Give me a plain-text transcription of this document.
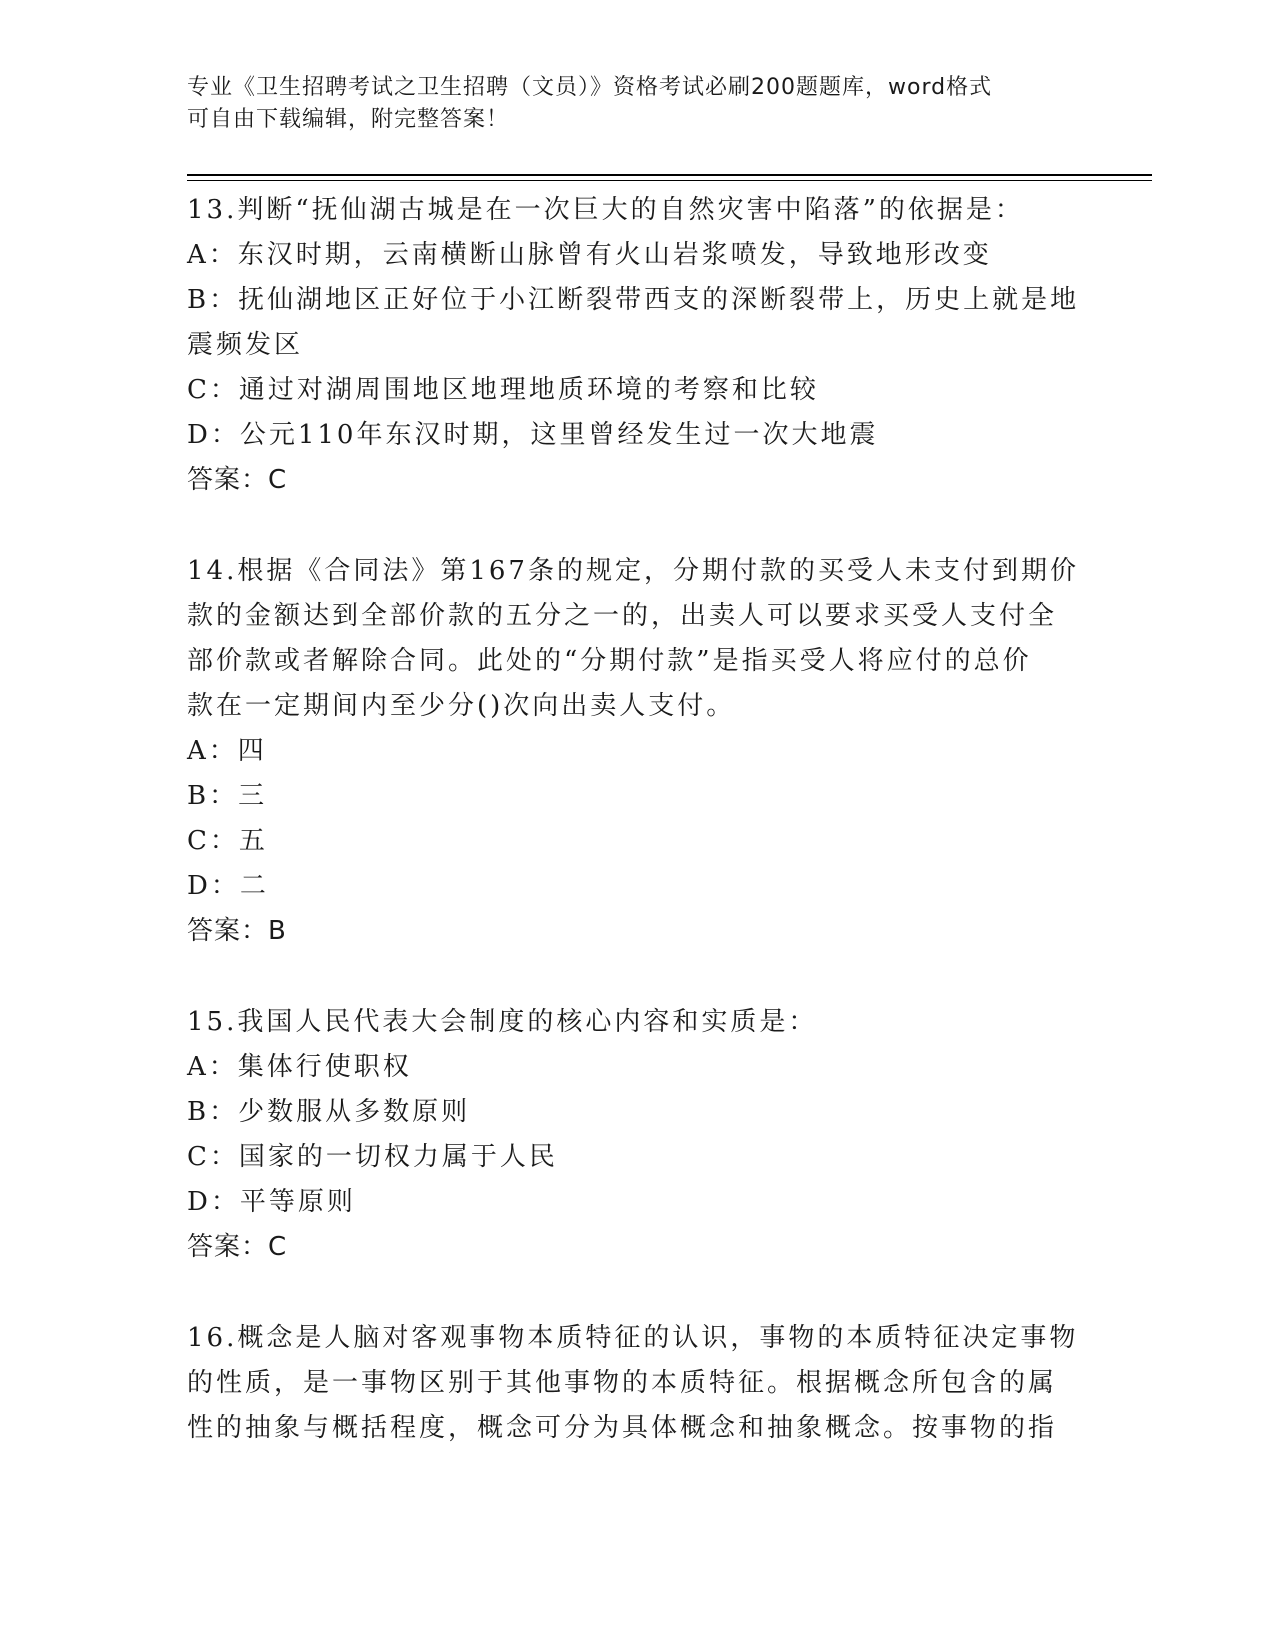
专业《卫生招聘考试之卫生招聘（文员）》资格考试必刷200题题库，word格式
可自由下载编辑，附完整答案！
13.判断“抚仙湖古城是在一次巨大的自然灾害中陷落”的依据是：
A：东汉时期，云南横断山脉曾有火山岩浆喷发，导致地形改变
B：抚仙湖地区正好位于小江断裂带西支的深断裂带上，历史上就是地
震频发区
C：通过对湖周围地区地理地质环境的考察和比较
D：公元110年东汉时期，这里曾经发生过一次大地震
答案：C
14.根据《合同法》第167条的规定，分期付款的买受人未支付到期价
款的金额达到全部价款的五分之一的，出卖人可以要求买受人支付全
部价款或者解除合同。此处的“分期付款”是指买受人将应付的总价
款在一定期间内至少分()次向出卖人支付。
A：四
B：三
C：五
D：二
答案：B
15.我国人民代表大会制度的核心内容和实质是：
A：集体行使职权
B：少数服从多数原则
C：国家的一切权力属于人民
D：平等原则
答案：C
16.概念是人脑对客观事物本质特征的认识，事物的本质特征决定事物
的性质，是一事物区别于其他事物的本质特征。根据概念所包含的属
性的抽象与概括程度，概念可分为具体概念和抽象概念。按事物的指
